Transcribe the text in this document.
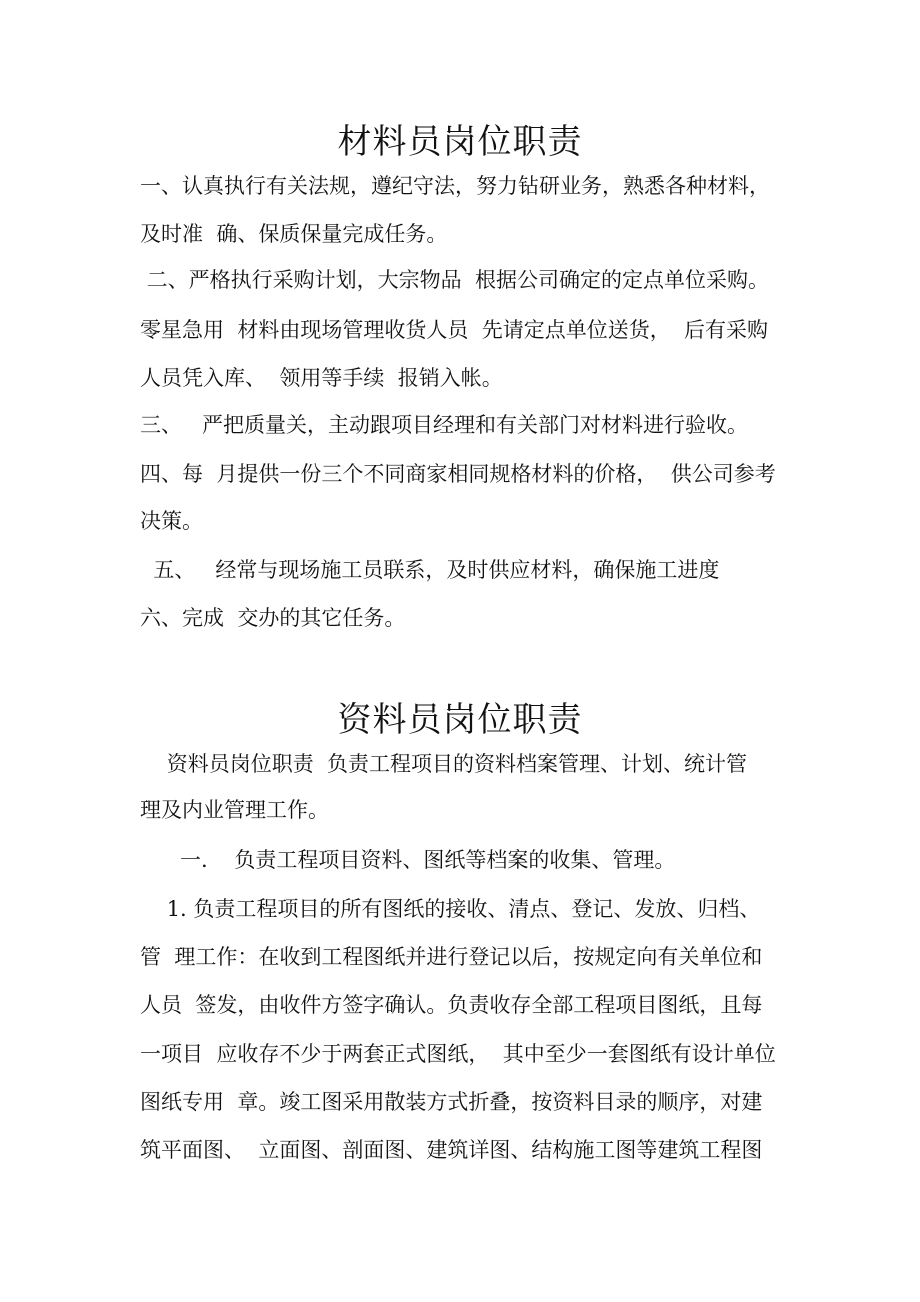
材料员岗位职责

一、认真执行有关法规，遵纪守法，努力钻研业务，熟悉各种材料，

及时准  确、保质保量完成任务。

二、严格执行采购计划，大宗物品  根据公司确定的定点单位采购。

零星急用  材料由现场管理收货人员  先请定点单位送货，  后有采购

人员凭入库、  领用等手续  报销入帐。

三、   严把质量关，主动跟项目经理和有关部门对材料进行验收。

四、每  月提供一份三个不同商家相同规格材料的价格，  供公司参考

决策。

五、   经常与现场施工员联系，及时供应材料，确保施工进度

六、完成  交办的其它任务。

资料员岗位职责

资料员岗位职责  负责工程项目的资料档案管理、计划、统计管

理及内业管理工作。

一.    负责工程项目资料、图纸等档案的收集、管理。

1. 负责工程项目的所有图纸的接收、清点、登记、发放、归档、

管  理工作：在收到工程图纸并进行登记以后，按规定向有关单位和

人员  签发，由收件方签字确认。负责收存全部工程项目图纸，且每

一项目  应收存不少于两套正式图纸，  其中至少一套图纸有设计单位

图纸专用  章。竣工图采用散装方式折叠，按资料目录的顺序，对建

筑平面图、  立面图、剖面图、建筑详图、结构施工图等建筑工程图
